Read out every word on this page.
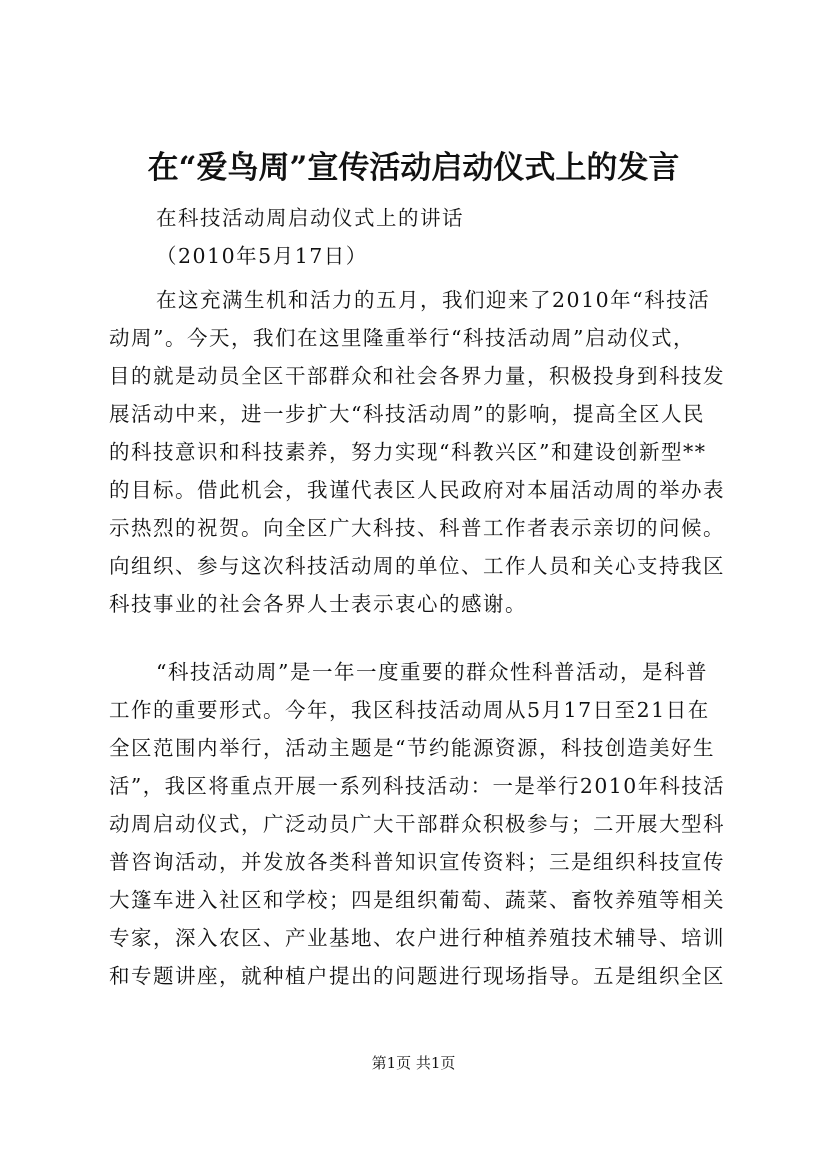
在“爱鸟周”宣传活动启动仪式上的发言
在科技活动周启动仪式上的讲话
（2010年5月17日）
在这充满生机和活力的五月，我们迎来了2010年“科技活
动周”。今天，我们在这里隆重举行“科技活动周”启动仪式，
目的就是动员全区干部群众和社会各界力量，积极投身到科技发
展活动中来，进一步扩大“科技活动周”的影响，提高全区人民
的科技意识和科技素养，努力实现“科教兴区”和建设创新型**
的目标。借此机会，我谨代表区人民政府对本届活动周的举办表
示热烈的祝贺。向全区广大科技、科普工作者表示亲切的问候。
向组织、参与这次科技活动周的单位、工作人员和关心支持我区
科技事业的社会各界人士表示衷心的感谢。
“科技活动周”是一年一度重要的群众性科普活动，是科普
工作的重要形式。今年，我区科技活动周从5月17日至21日在
全区范围内举行，活动主题是“节约能源资源，科技创造美好生
活”，我区将重点开展一系列科技活动：一是举行2010年科技活
动周启动仪式，广泛动员广大干部群众积极参与；二开展大型科
普咨询活动，并发放各类科普知识宣传资料；三是组织科技宣传
大篷车进入社区和学校；四是组织葡萄、蔬菜、畜牧养殖等相关
专家，深入农区、产业基地、农户进行种植养殖技术辅导、培训
和专题讲座，就种植户提出的问题进行现场指导。五是组织全区
第1页 共1页
